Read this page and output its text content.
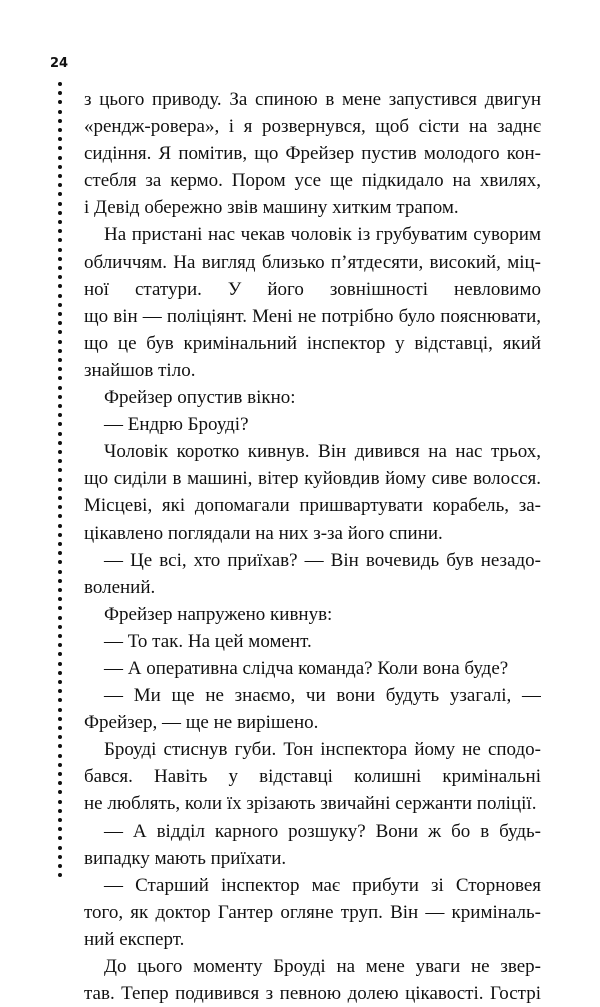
24
з цього приводу. За спиною в мене запустився двигун
«рендж-ровера», і я розвернувся, щоб сісти на заднє
сидіння. Я помітив, що Фрейзер пустив молодого кон-
стебля за кермо. Пором усе ще підкидало на хвилях,
і Девід обережно звів машину хитким трапом.
На пристані нас чекав чоловік із грубуватим суворим
обличчям. На вигляд близько п’ятдесяти, високий, міц-
ної статури. У його зовнішності невловимо
що він — поліціянт. Мені не потрібно було пояснювати,
що це був кримінальний інспектор у відставці, який
знайшов тіло.
Фрейзер опустив вікно:
— Ендрю Броуді?
Чоловік коротко кивнув. Він дивився на нас трьох,
що сиділи в машині, вітер куйовдив йому сиве волосся.
Місцеві, які допомагали пришвартувати корабель, за-
цікавлено поглядали на них з-за його спини.
— Це всі, хто приїхав? — Він вочевидь був незадо-
волений.
Фрейзер напружено кивнув:
— То так. На цей момент.
— А оперативна слідча команда? Коли вона буде?
— Ми ще не знаємо, чи вони будуть узагалі, —
Фрейзер, — ще не вирішено.
Броуді стиснув губи. Тон інспектора йому не сподо-
бався. Навіть у відставці колишні кримінальні
не люблять, коли їх зрізають звичайні сержанти поліції.
— А відділ карного розшуку? Вони ж бо в будь-
випадку мають приїхати.
— Старший інспектор має прибути зі Сторновея
того, як доктор Гантер огляне труп. Він — криміналь-
ний експерт.
До цього моменту Броуді на мене уваги не звер-
тав. Тепер подивився з певною долею цікавості. Гострі
